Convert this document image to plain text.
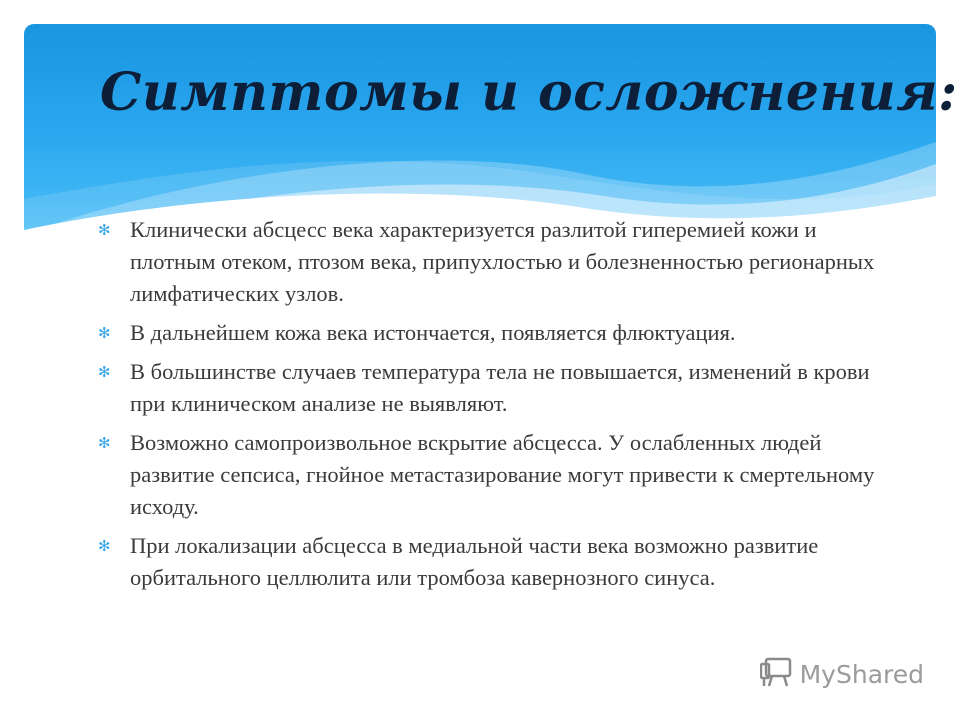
Симптомы и осложнения:
✻ Клинически абсцесс века характеризуется разлитой гиперемией кожи и плотным отеком, птозом века, припухлостью и болезненностью регионарных лимфатических узлов.
✻ В дальнейшем кожа века истончается, появляется флюктуация.
✻ В большинстве случаев температура тела не повышается, изменений в крови при клиническом анализе не выявляют.
✻ Возможно самопроизвольное вскрытие абсцесса. У ослабленных людей развитие сепсиса, гнойное метастазирование могут привести к смертельному исходу.
✻ При локализации абсцесса в медиальной части века возможно развитие орбитального целлюлита или тромбоза кавернозного синуса.
MyShared
